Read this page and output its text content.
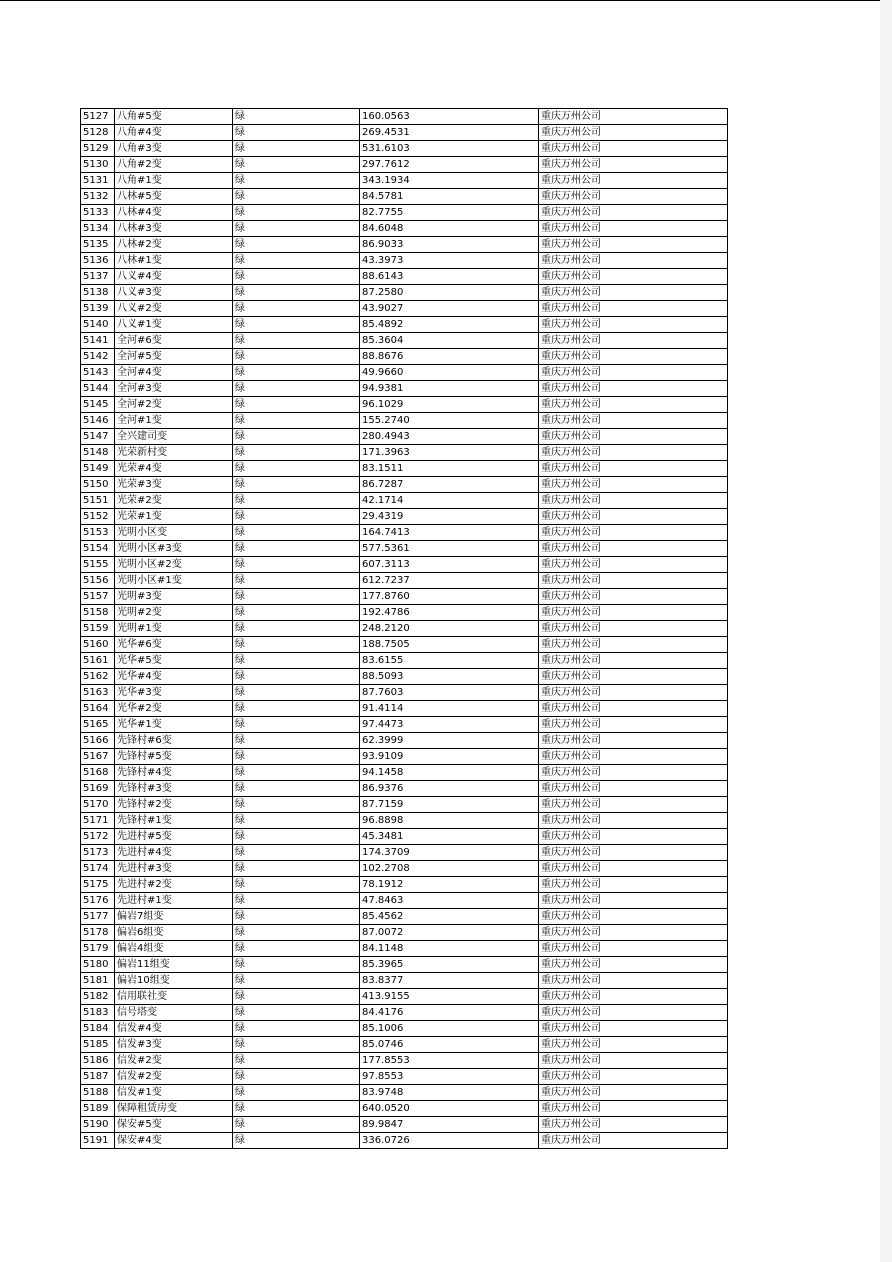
5127	八角#5变	绿	160.0563	重庆万州公司
5128	八角#4变	绿	269.4531	重庆万州公司
5129	八角#3变	绿	531.6103	重庆万州公司
5130	八角#2变	绿	297.7612	重庆万州公司
5131	八角#1变	绿	343.1934	重庆万州公司
5132	八林#5变	绿	84.5781	重庆万州公司
5133	八林#4变	绿	82.7755	重庆万州公司
5134	八林#3变	绿	84.6048	重庆万州公司
5135	八林#2变	绿	86.9033	重庆万州公司
5136	八林#1变	绿	43.3973	重庆万州公司
5137	八义#4变	绿	88.6143	重庆万州公司
5138	八义#3变	绿	87.2580	重庆万州公司
5139	八义#2变	绿	43.9027	重庆万州公司
5140	八义#1变	绿	85.4892	重庆万州公司
5141	全河#6变	绿	85.3604	重庆万州公司
5142	全河#5变	绿	88.8676	重庆万州公司
5143	全河#4变	绿	49.9660	重庆万州公司
5144	全河#3变	绿	94.9381	重庆万州公司
5145	全河#2变	绿	96.1029	重庆万州公司
5146	全河#1变	绿	155.2740	重庆万州公司
5147	全兴建司变	绿	280.4943	重庆万州公司
5148	光荣新村变	绿	171.3963	重庆万州公司
5149	光荣#4变	绿	83.1511	重庆万州公司
5150	光荣#3变	绿	86.7287	重庆万州公司
5151	光荣#2变	绿	42.1714	重庆万州公司
5152	光荣#1变	绿	29.4319	重庆万州公司
5153	光明小区变	绿	164.7413	重庆万州公司
5154	光明小区#3变	绿	577.5361	重庆万州公司
5155	光明小区#2变	绿	607.3113	重庆万州公司
5156	光明小区#1变	绿	612.7237	重庆万州公司
5157	光明#3变	绿	177.8760	重庆万州公司
5158	光明#2变	绿	192.4786	重庆万州公司
5159	光明#1变	绿	248.2120	重庆万州公司
5160	光华#6变	绿	188.7505	重庆万州公司
5161	光华#5变	绿	83.6155	重庆万州公司
5162	光华#4变	绿	88.5093	重庆万州公司
5163	光华#3变	绿	87.7603	重庆万州公司
5164	光华#2变	绿	91.4114	重庆万州公司
5165	光华#1变	绿	97.4473	重庆万州公司
5166	先锋村#6变	绿	62.3999	重庆万州公司
5167	先锋村#5变	绿	93.9109	重庆万州公司
5168	先锋村#4变	绿	94.1458	重庆万州公司
5169	先锋村#3变	绿	86.9376	重庆万州公司
5170	先锋村#2变	绿	87.7159	重庆万州公司
5171	先锋村#1变	绿	96.8898	重庆万州公司
5172	先进村#5变	绿	45.3481	重庆万州公司
5173	先进村#4变	绿	174.3709	重庆万州公司
5174	先进村#3变	绿	102.2708	重庆万州公司
5175	先进村#2变	绿	78.1912	重庆万州公司
5176	先进村#1变	绿	47.8463	重庆万州公司
5177	偏岩7组变	绿	85.4562	重庆万州公司
5178	偏岩6组变	绿	87.0072	重庆万州公司
5179	偏岩4组变	绿	84.1148	重庆万州公司
5180	偏岩11组变	绿	85.3965	重庆万州公司
5181	偏岩10组变	绿	83.8377	重庆万州公司
5182	信用联社变	绿	413.9155	重庆万州公司
5183	信号塔变	绿	84.4176	重庆万州公司
5184	信发#4变	绿	85.1006	重庆万州公司
5185	信发#3变	绿	85.0746	重庆万州公司
5186	信发#2变	绿	177.8553	重庆万州公司
5187	信发#2变	绿	97.8553	重庆万州公司
5188	信发#1变	绿	83.9748	重庆万州公司
5189	保障租赁房变	绿	640.0520	重庆万州公司
5190	保安#5变	绿	89.9847	重庆万州公司
5191	保安#4变	绿	336.0726	重庆万州公司
